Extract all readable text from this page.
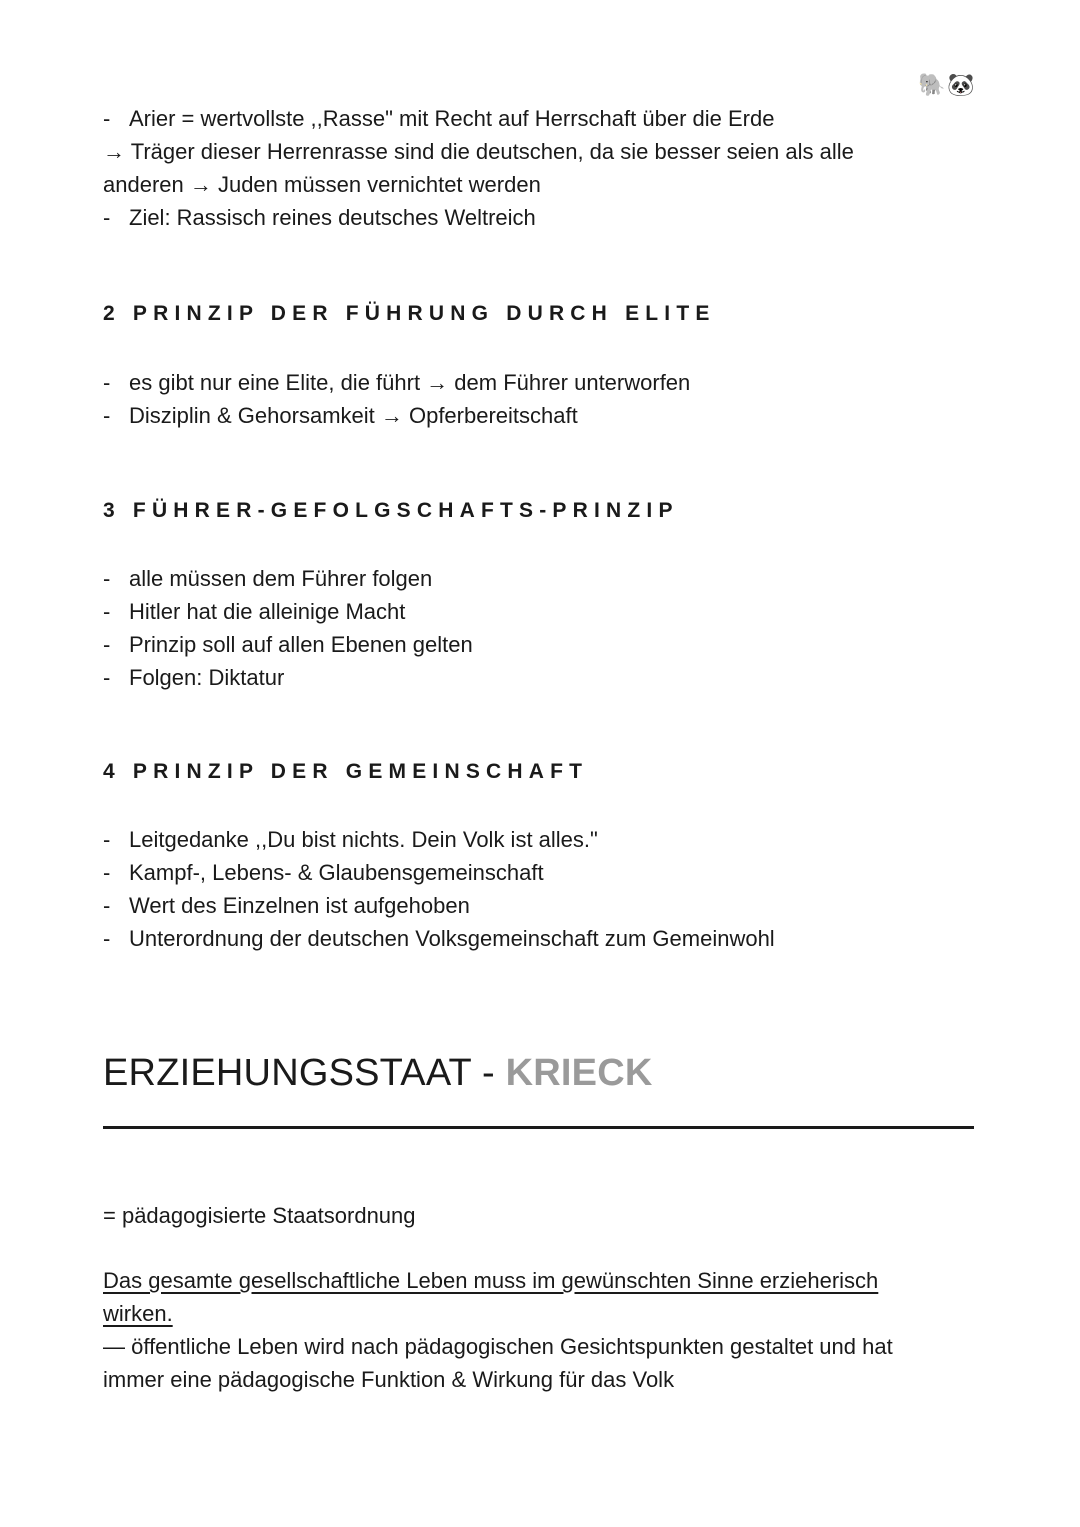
🐘🐼
- Arier = wertvollste ,,Rasse" mit Recht auf Herrschaft über die Erde
→ Träger dieser Herrenrasse sind die deutschen, da sie besser seien als alle
anderen → Juden müssen vernichtet werden
- Ziel: Rassisch reines deutsches Weltreich
2 PRINZIP DER FÜHRUNG DURCH ELITE
- es gibt nur eine Elite, die führt → dem Führer unterworfen
- Disziplin & Gehorsamkeit → Opferbereitschaft
3 FÜHRER-GEFOLGSCHAFTS-PRINZIP
- alle müssen dem Führer folgen
- Hitler hat die alleinige Macht
- Prinzip soll auf allen Ebenen gelten
- Folgen: Diktatur
4 PRINZIP DER GEMEINSCHAFT
- Leitgedanke ,,Du bist nichts. Dein Volk ist alles."
- Kampf-, Lebens- & Glaubensgemeinschaft
- Wert des Einzelnen ist aufgehoben
- Unterordnung der deutschen Volksgemeinschaft zum Gemeinwohl
ERZIEHUNGSSTAAT - KRIECK
= pädagogisierte Staatsordnung
Das gesamte gesellschaftliche Leben muss im gewünschten Sinne erzieherisch
wirken.
— öffentliche Leben wird nach pädagogischen Gesichtspunkten gestaltet und hat
immer eine pädagogische Funktion & Wirkung für das Volk
